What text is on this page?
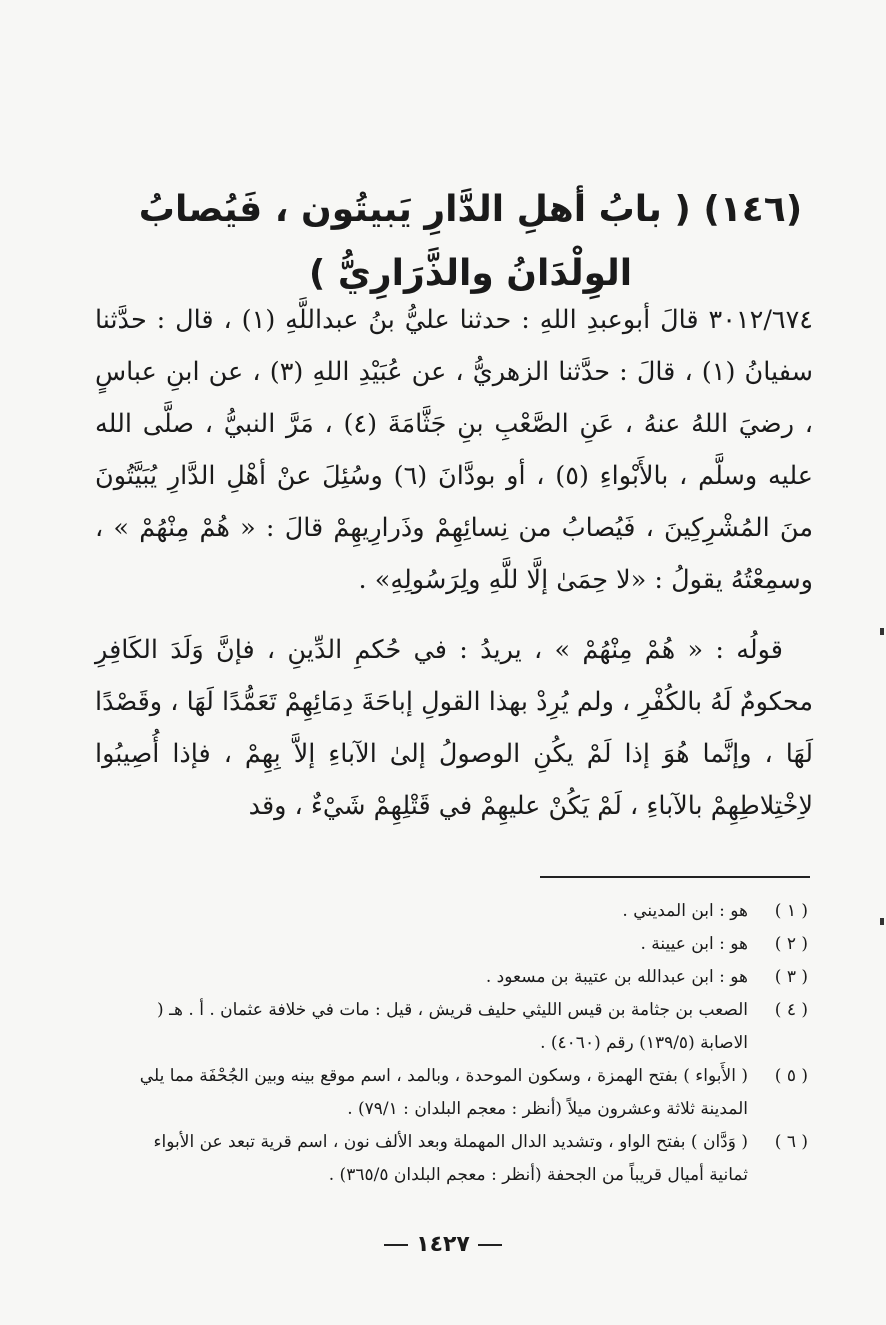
(١٤٦) ( بابُ أهلِ الدَّارِ يَبيتُون ، فَيُصابُ الوِلْدَانُ والذَّرَارِيُّ )

٣٠١٢/٦٧٤ قالَ أبوعبدِ اللهِ : حدثنا عليُّ بنُ عبداللَّهِ (١) ، قال : حدَّثنا سفيانُ (١) ، قالَ : حدَّثنا الزهريُّ ، عن عُبَيْدِ اللهِ (٣) ، عن ابنِ عباسٍ ، رضيَ اللهُ عنهُ ، عَنِ الصَّعْبِ بنِ جَثَّامَةَ (٤) ، مَرَّ النبيُّ ، صلَّى الله عليه وسلَّم ، بالأَبْواءِ (٥) ، أو بودَّانَ (٦) وسُئِلَ عنْ أهْلِ الدَّارِ يُبَيَّتُونَ منَ المُشْرِكِينَ ، فَيُصابُ من نِسائِهِمْ وذَرارِيهِمْ قالَ : « هُمْ مِنْهُمْ » ، وسمِعْتُهُ يقولُ : «لا حِمَىٰ إلَّا للَّهِ ولِرَسُولِهِ» .

قولُه : « هُمْ مِنْهُمْ » ، يريدُ : في حُكمِ الدِّينِ ، فإنَّ وَلَدَ الكَافِرِ محكومٌ لَهُ بالكُفْرِ ، ولم يُرِدْ بهذا القولِ إباحَةَ دِمَائِهِمْ تَعَمُّدًا لَهَا ، وقَصْدًا لَهَا ، وإنَّما هُوَ إذا لَمْ يكُنِ الوصولُ إلىٰ الآباءِ إلاَّ بِهِمْ ، فإذا أُصِيبُوا لاِخْتِلاطِهِمْ بالآباءِ ، لَمْ يَكُنْ عليهِمْ في قَتْلِهِمْ شَيْءٌ ، وقد

( ١ )
هو : ابن المديني .
( ٢ )
هو : ابن عيينة .
( ٣ )
هو : ابن عبدالله بن عتيبة بن مسعود .
( ٤ )
الصعب بن جثامة بن قيس الليثي حليف قريش ، قيل : مات في خلافة عثمان . أ . هـ ( الاصابة (١٣٩/٥) رقم (٤٠٦٠) .
( ٥ )
( الأَبواء ) بفتح الهمزة ، وسكون الموحدة ، وبالمد ، اسم موقع بينه وبين الجُحْفَة مما يلي المدينة ثلاثة وعشرون ميلاً (أنظر : معجم البلدان : ٧٩/١) .
( ٦ )
( وَدَّان ) بفتح الواو ، وتشديد الدال المهملة وبعد الألف نون ، اسم قرية تبعد عن الأبواء ثمانية أميال قريباً من الجحفة (أنظر : معجم البلدان ٣٦٥/٥) .
١٤٢٧
